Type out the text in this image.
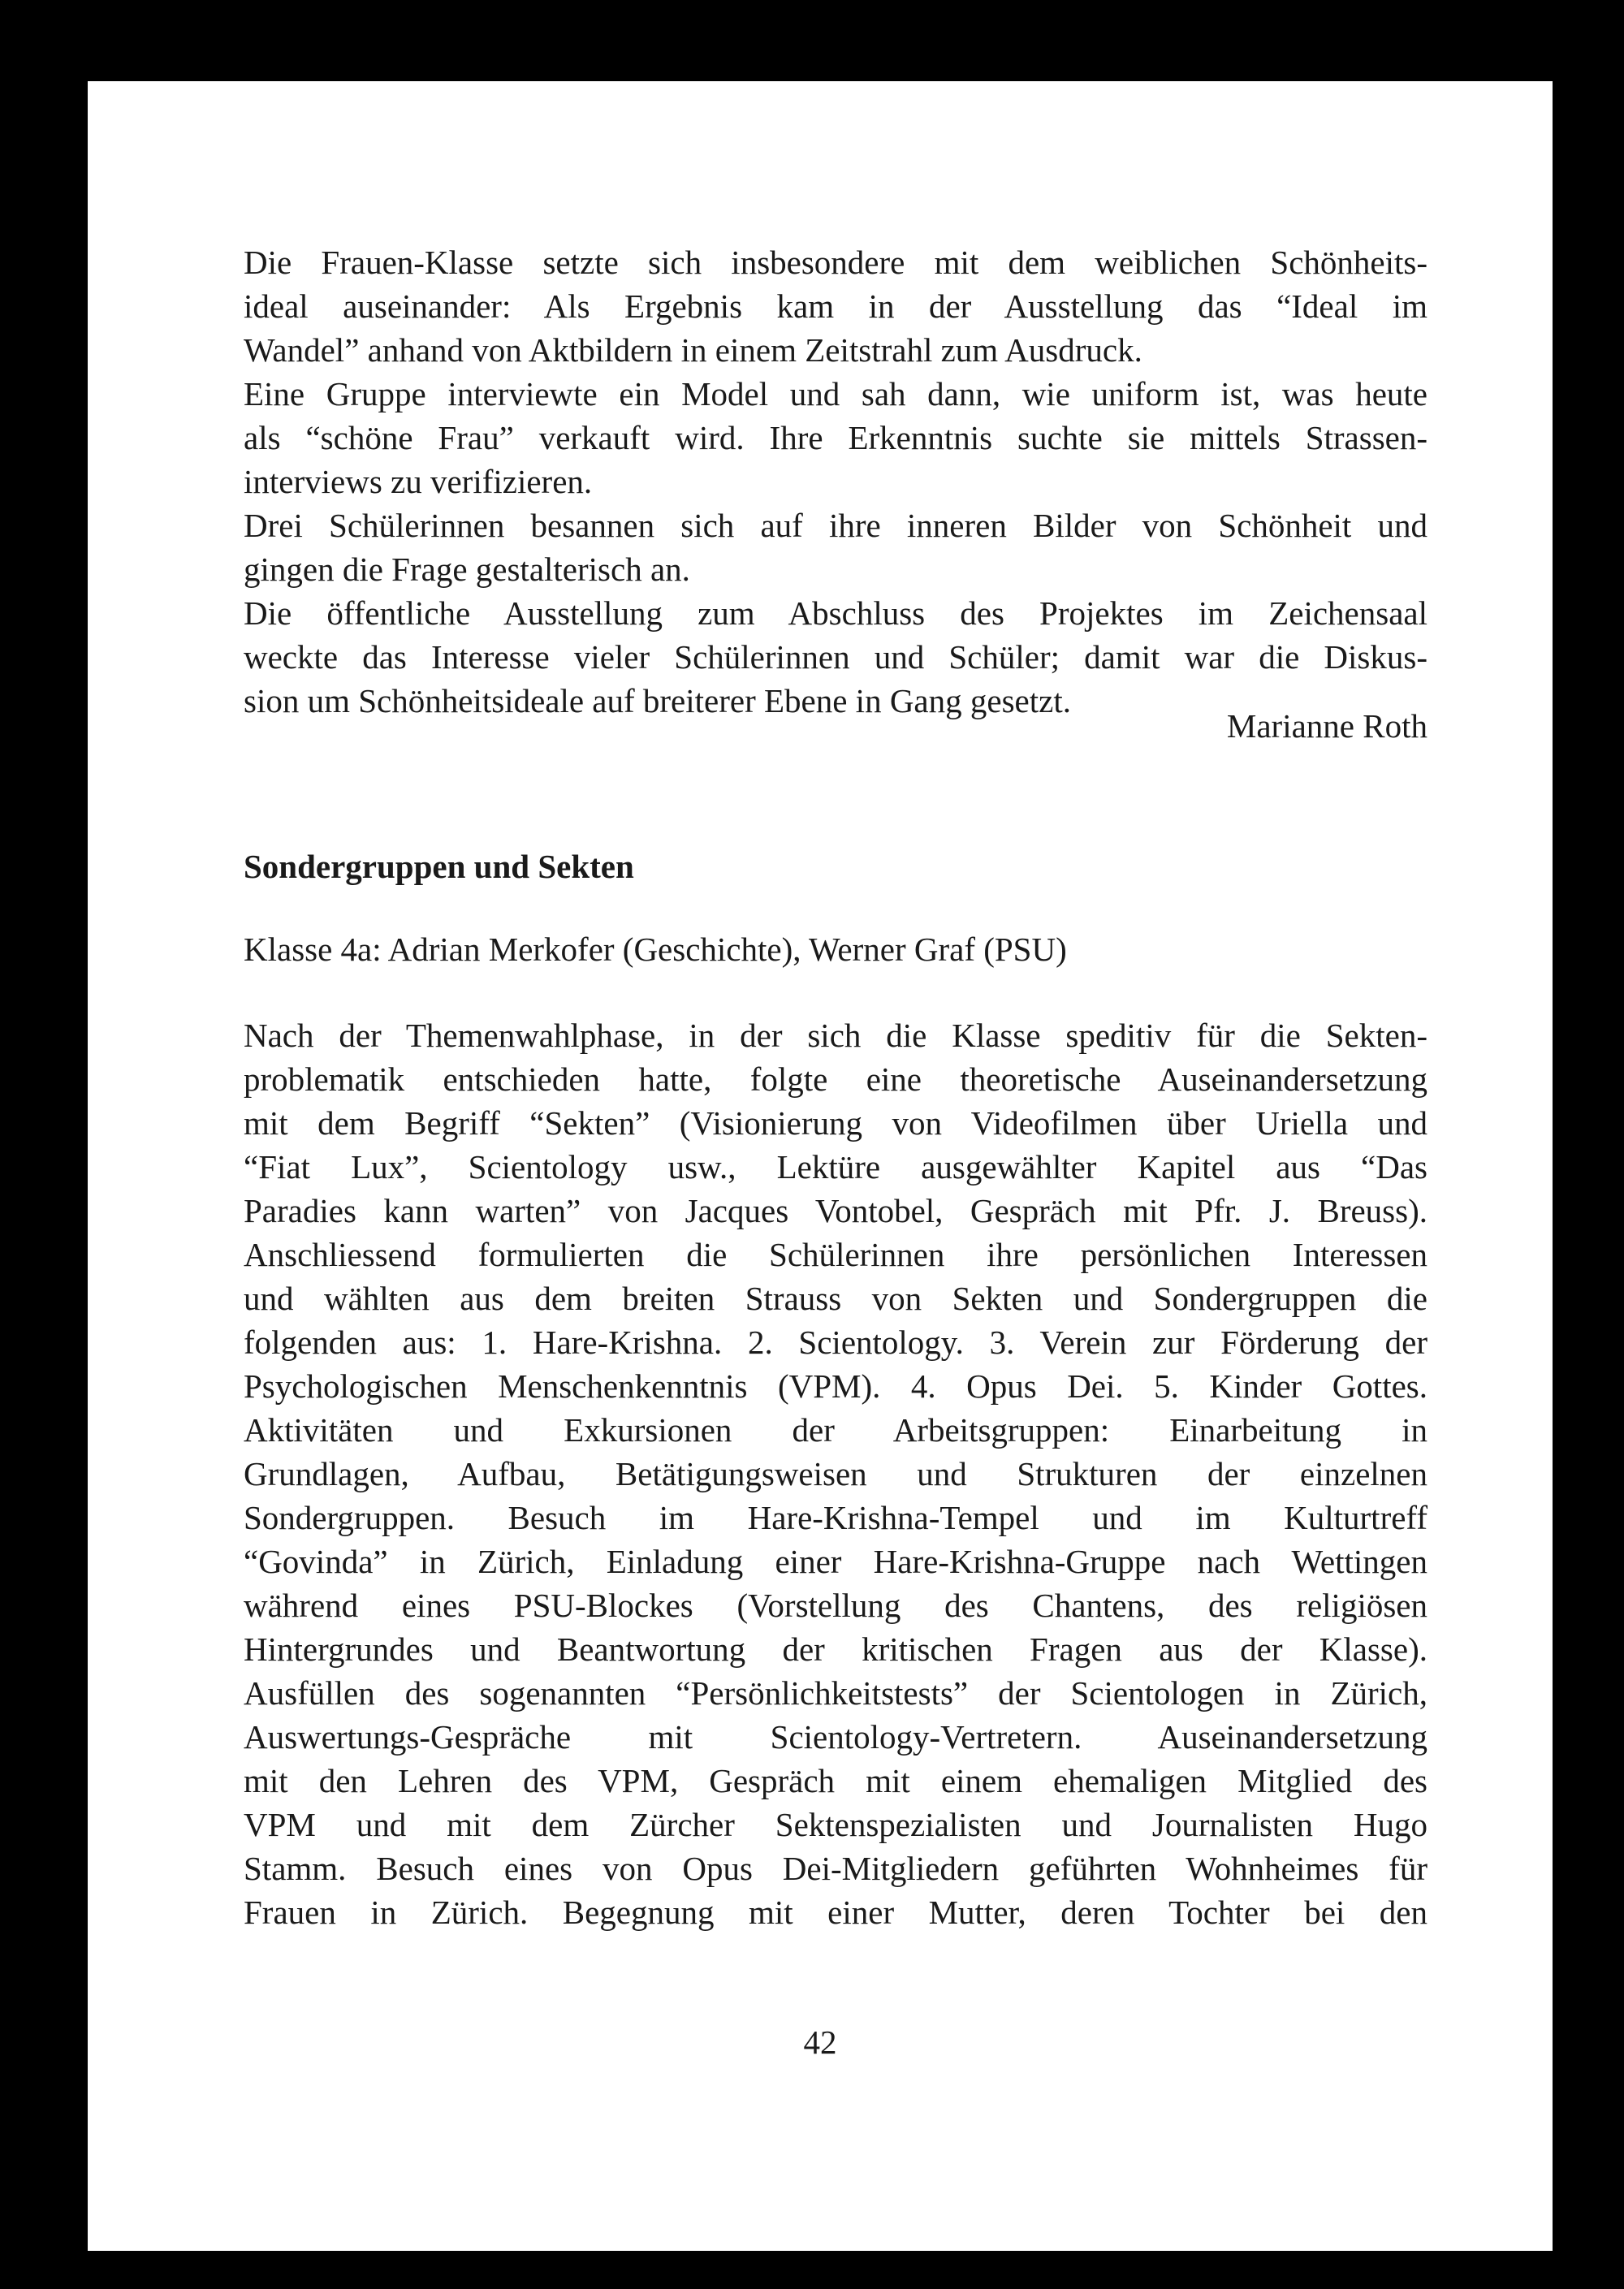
Die Frauen-Klasse setzte sich insbesondere mit dem weiblichen Schönheits-
ideal auseinander: Als Ergebnis kam in der Ausstellung das “Ideal im
Wandel” anhand von Aktbildern in einem Zeitstrahl zum Ausdruck.
Eine Gruppe interviewte ein Model und sah dann, wie uniform ist, was heute
als “schöne Frau” verkauft wird. Ihre Erkenntnis suchte sie mittels Strassen-
interviews zu verifizieren.
Drei Schülerinnen besannen sich auf ihre inneren Bilder von Schönheit und
gingen die Frage gestalterisch an.
Die öffentliche Ausstellung zum Abschluss des Projektes im Zeichensaal
weckte das Interesse vieler Schülerinnen und Schüler; damit war die Diskus-
sion um Schönheitsideale auf breiterer Ebene in Gang gesetzt.
Marianne Roth
Sondergruppen und Sekten
Klasse 4a: Adrian Merkofer (Geschichte), Werner Graf (PSU)
Nach der Themenwahlphase, in der sich die Klasse speditiv für die Sekten-
problematik entschieden hatte, folgte eine theoretische Auseinandersetzung
mit dem Begriff “Sekten” (Visionierung von Videofilmen über Uriella und
“Fiat Lux”, Scientology usw., Lektüre ausgewählter Kapitel aus “Das
Paradies kann warten” von Jacques Vontobel, Gespräch mit Pfr. J. Breuss).
Anschliessend formulierten die Schülerinnen ihre persönlichen Interessen
und wählten aus dem breiten Strauss von Sekten und Sondergruppen die
folgenden aus: 1. Hare-Krishna. 2. Scientology. 3. Verein zur Förderung der
Psychologischen Menschenkenntnis (VPM). 4. Opus Dei. 5. Kinder Gottes.
Aktivitäten und Exkursionen der Arbeitsgruppen: Einarbeitung in
Grundlagen, Aufbau, Betätigungsweisen und Strukturen der einzelnen
Sondergruppen. Besuch im Hare-Krishna-Tempel und im Kulturtreff
“Govinda” in Zürich, Einladung einer Hare-Krishna-Gruppe nach Wettingen
während eines PSU-Blockes (Vorstellung des Chantens, des religiösen
Hintergrundes und Beantwortung der kritischen Fragen aus der Klasse).
Ausfüllen des sogenannten “Persönlichkeitstests” der Scientologen in Zürich,
Auswertungs-Gespräche mit Scientology-Vertretern. Auseinandersetzung
mit den Lehren des VPM, Gespräch mit einem ehemaligen Mitglied des
VPM und mit dem Zürcher Sektenspezialisten und Journalisten Hugo
Stamm. Besuch eines von Opus Dei-Mitgliedern geführten Wohnheimes für
Frauen in Zürich. Begegnung mit einer Mutter, deren Tochter bei den
42
